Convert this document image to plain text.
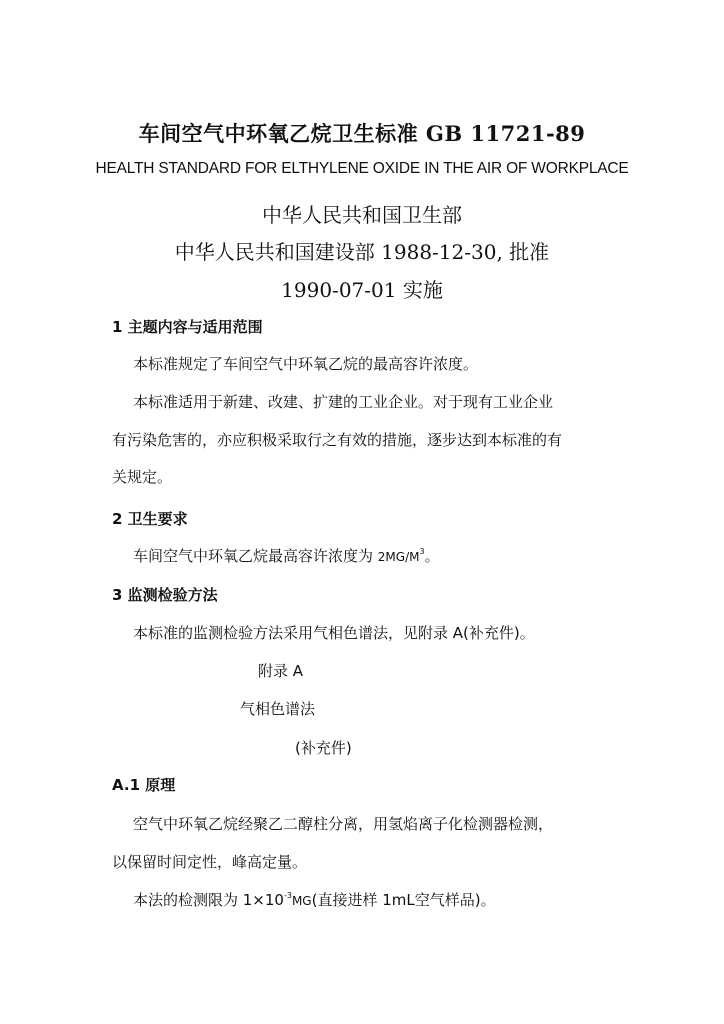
车间空气中环氧乙烷卫生标准 GB 11721-89
HEALTH STANDARD FOR ELTHYLENE OXIDE IN THE AIR OF WORKPLACE
中华人民共和国卫生部
中华人民共和国建设部 1988-12-30, 批准
1990-07-01 实施
1 主题内容与适用范围
本标准规定了车间空气中环氧乙烷的最高容许浓度。
本标准适用于新建、改建、扩建的工业企业。对于现有工业企业
有污染危害的，亦应积极采取行之有效的措施，逐步达到本标准的有
关规定。
2 卫生要求
车间空气中环氧乙烷最高容许浓度为 $2MG/M^3$。
3 监测检验方法
本标准的监测检验方法采用气相色谱法，见附录 A(补充件)。
附录 A
气相色谱法
(补充件)
A.1 原理
空气中环氧乙烷经聚乙二醇柱分离，用氢焰离子化检测器检测，
以保留时间定性，峰高定量。
本法的检测限为 $1\times 10^{-3}MG$(直接进样 1mL空气样品)。
